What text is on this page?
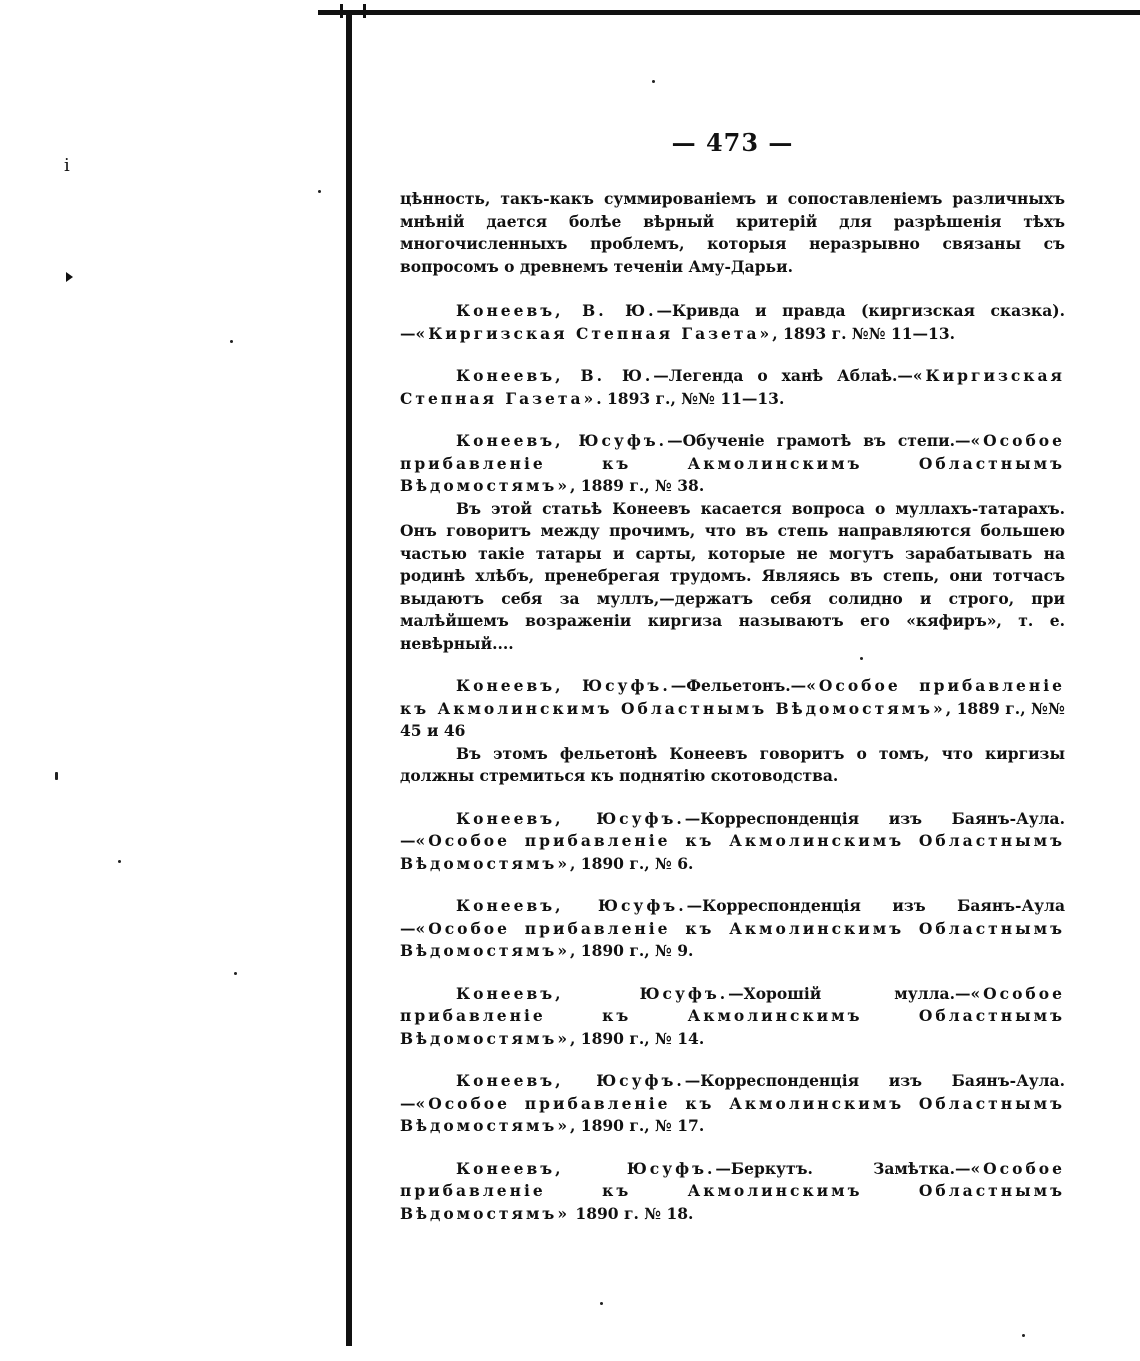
і
— 473 —

цѣнность, такъ-какъ суммированіемъ и сопоставленіемъ различныхъ мнѣній дается болѣе вѣрный критерій для разрѣшенія тѣхъ многочисленныхъ проблемъ, которыя неразрывно связаны съ вопросомъ о древнемъ теченіи Аму-Дарьи.

Конеевъ, В. Ю.—Кривда и правда (киргизская сказка).—«Киргизская Степная Газета», 1893 г. №№ 11—13.

Конеевъ, В. Ю.—Легенда о ханѣ Аблаѣ.—«Киргизская Степная Газета». 1893 г., №№ 11—13.

Конеевъ, Юсуфъ.—Обученіе грамотѣ въ степи.—«Особое прибавленіе къ Акмолинскимъ Областнымъ Вѣдомостямъ», 1889 г., № 38.

Въ этой статьѣ Конеевъ касается вопроса о муллахъ-татарахъ. Онъ говоритъ между прочимъ, что въ степь направляются большею частью такіе татары и сарты, которые не могутъ зарабатывать на родинѣ хлѣбъ, пренебрегая трудомъ. Являясь въ степь, они тотчасъ выдаютъ себя за муллъ,—держатъ себя солидно и строго, при малѣйшемъ возраженіи киргиза называютъ его «кяфиръ», т. е. невѣрный....

Конеевъ, Юсуфъ.—Фельетонъ.—«Особое прибавленіе къ Акмолинскимъ Областнымъ Вѣдомостямъ», 1889 г., №№ 45 и 46

Въ этомъ фельетонѣ Конеевъ говоритъ о томъ, что киргизы должны стремиться къ поднятію скотоводства.

Конеевъ, Юсуфъ.—Корреспонденція изъ Баянъ-Аула.—«Особое прибавленіе къ Акмолинскимъ Областнымъ Вѣдомостямъ», 1890 г., № 6.

Конеевъ, Юсуфъ.—Корреспонденція изъ Баянъ-Аула —«Особое прибавленіе къ Акмолинскимъ Областнымъ Вѣдомостямъ», 1890 г., № 9.

Конеевъ, Юсуфъ.—Хорошій мулла.—«Особое прибавленіе къ Акмолинскимъ Областнымъ Вѣдомостямъ», 1890 г., № 14.

Конеевъ, Юсуфъ.—Корреспонденція изъ Баянъ-Аула.—«Особое прибавленіе къ Акмолинскимъ Областнымъ Вѣдомостямъ», 1890 г., № 17.

Конеевъ, Юсуфъ.—Беркутъ. Замѣтка.—«Особое прибавленіе къ Акмолинскимъ Областнымъ Вѣдомостямъ» 1890 г. № 18.
